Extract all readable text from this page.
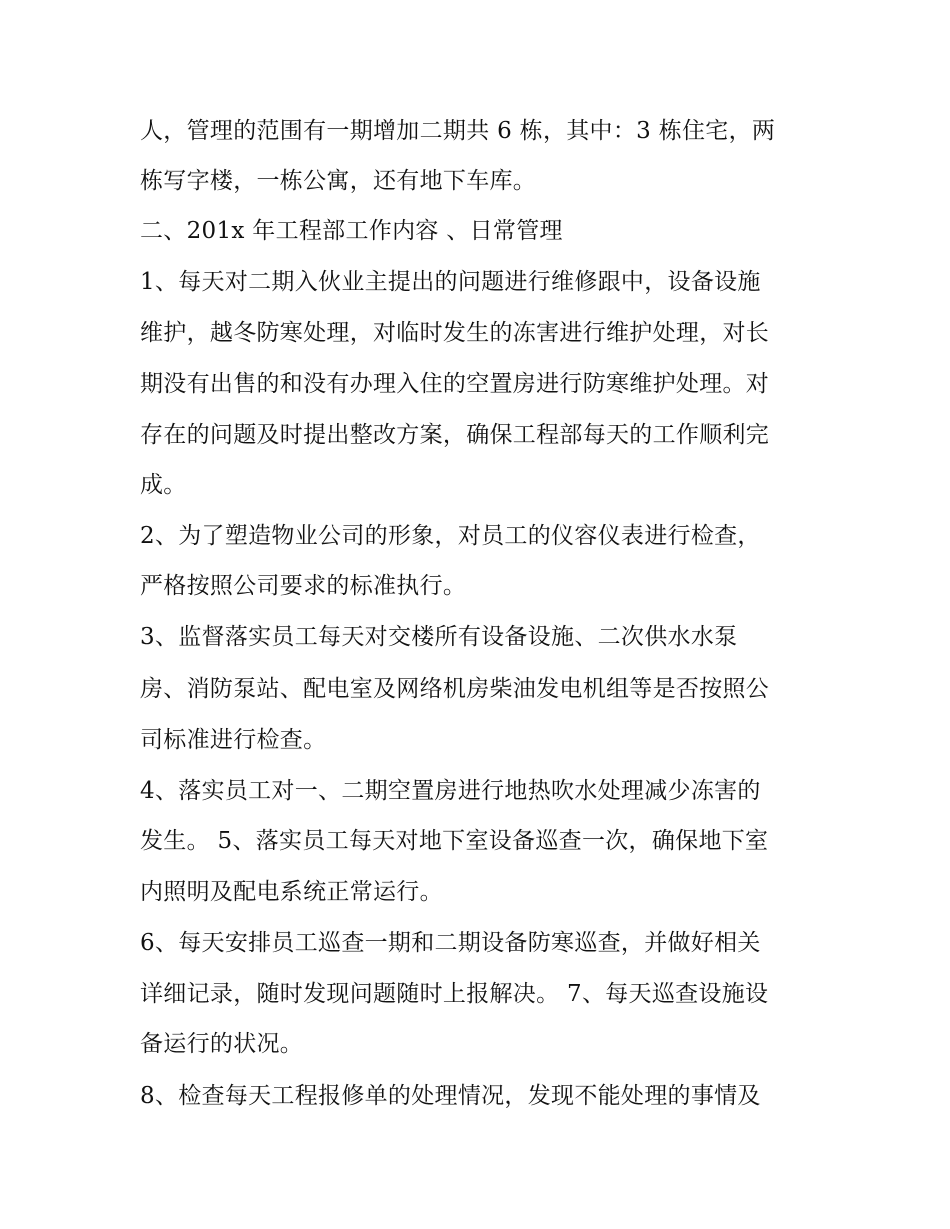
人，管理的范围有一期增加二期共 6 栋，其中：3 栋住宅，两
栋写字楼，一栋公寓，还有地下车库。
二、201x 年工程部工作内容 、日常管理
1、每天对二期入伙业主提出的问题进行维修跟中，设备设施
维护，越冬防寒处理，对临时发生的冻害进行维护处理，对长
期没有出售的和没有办理入住的空置房进行防寒维护处理。对
存在的问题及时提出整改方案，确保工程部每天的工作顺利完
成。
2、为了塑造物业公司的形象，对员工的仪容仪表进行检查，
严格按照公司要求的标准执行。
3、监督落实员工每天对交楼所有设备设施、二次供水水泵
房、消防泵站、配电室及网络机房柴油发电机组等是否按照公
司标准进行检查。
4、落实员工对一、二期空置房进行地热吹水处理减少冻害的
发生。 5、落实员工每天对地下室设备巡查一次，确保地下室
内照明及配电系统正常运行。
6、每天安排员工巡查一期和二期设备防寒巡查，并做好相关
详细记录，随时发现问题随时上报解决。 7、每天巡查设施设
备运行的状况。
8、检查每天工程报修单的处理情况，发现不能处理的事情及
